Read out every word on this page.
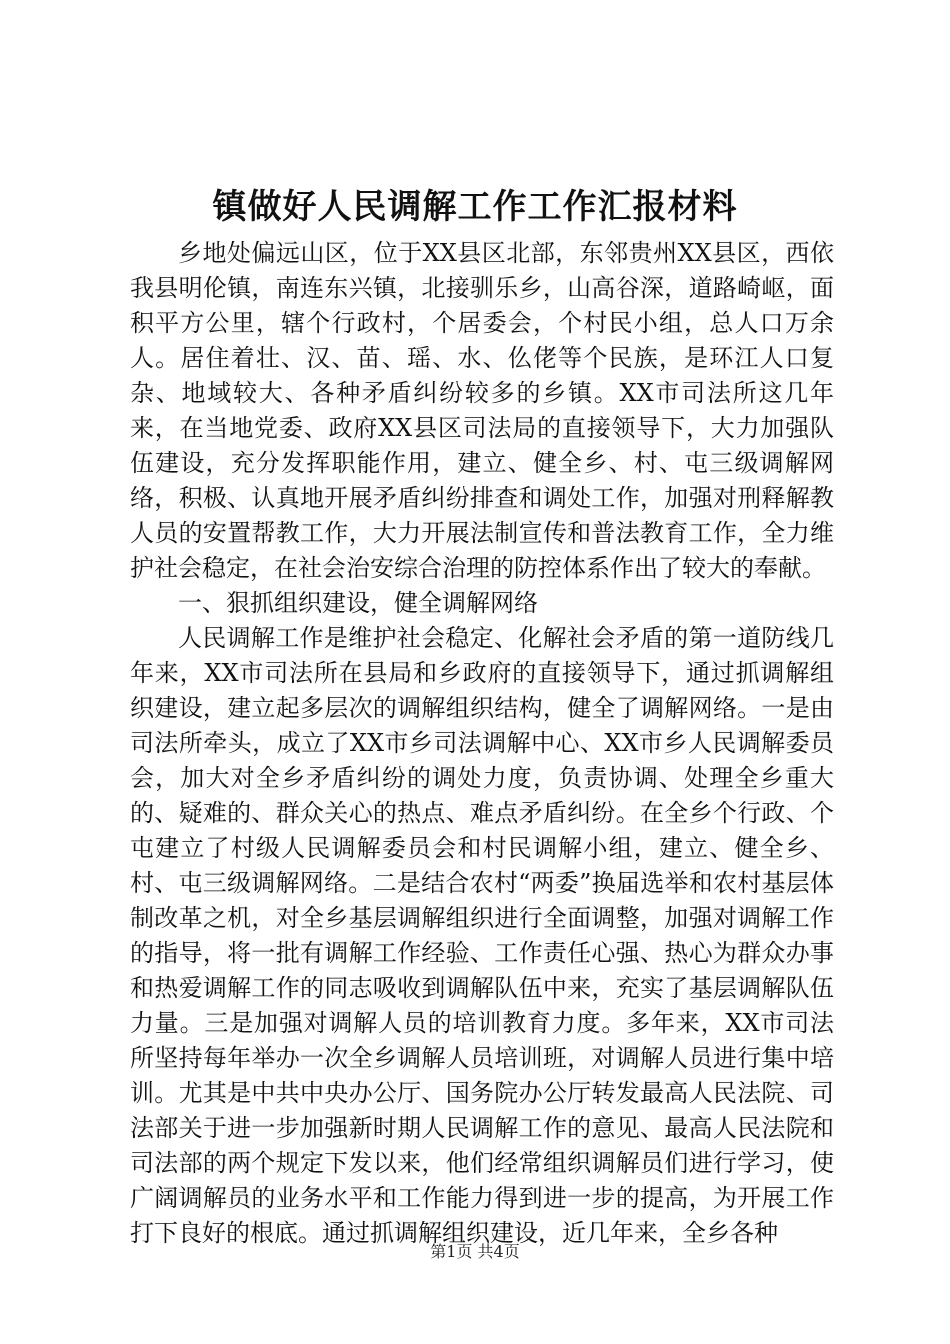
镇做好人民调解工作工作汇报材料

乡地处偏远山区，位于XX县区北部，东邻贵州XX县区，西依我县明伦镇，南连东兴镇，北接驯乐乡，山高谷深，道路崎岖，面积平方公里，辖个行政村，个居委会，个村民小组，总人口万余人。居住着壮、汉、苗、瑶、水、仫佬等个民族，是环江人口复杂、地域较大、各种矛盾纠纷较多的乡镇。XX市司法所这几年来，在当地党委、政府XX县区司法局的直接领导下，大力加强队伍建设，充分发挥职能作用，建立、健全乡、村、屯三级调解网络，积极、认真地开展矛盾纠纷排查和调处工作，加强对刑释解教人员的安置帮教工作，大力开展法制宣传和普法教育工作，全力维护社会稳定，在社会治安综合治理的防控体系作出了较大的奉献。

一、狠抓组织建设，健全调解网络

人民调解工作是维护社会稳定、化解社会矛盾的第一道防线几年来，XX市司法所在县局和乡政府的直接领导下，通过抓调解组织建设，建立起多层次的调解组织结构，健全了调解网络。一是由司法所牵头，成立了XX市乡司法调解中心、XX市乡人民调解委员会，加大对全乡矛盾纠纷的调处力度，负责协调、处理全乡重大的、疑难的、群众关心的热点、难点矛盾纠纷。在全乡个行政、个屯建立了村级人民调解委员会和村民调解小组，建立、健全乡、村、屯三级调解网络。二是结合农村“两委”换届选举和农村基层体制改革之机，对全乡基层调解组织进行全面调整，加强对调解工作的指导，将一批有调解工作经验、工作责任心强、热心为群众办事和热爱调解工作的同志吸收到调解队伍中来，充实了基层调解队伍力量。三是加强对调解人员的培训教育力度。多年来，XX市司法所坚持每年举办一次全乡调解人员培训班，对调解人员进行集中培训。尤其是中共中央办公厅、国务院办公厅转发最高人民法院、司法部关于进一步加强新时期人民调解工作的意见、最高人民法院和司法部的两个规定下发以来，他们经常组织调解员们进行学习，使广阔调解员的业务水平和工作能力得到进一步的提高，为开展工作打下良好的根底。通过抓调解组织建设，近几年来，全乡各种

第1页 共4页
